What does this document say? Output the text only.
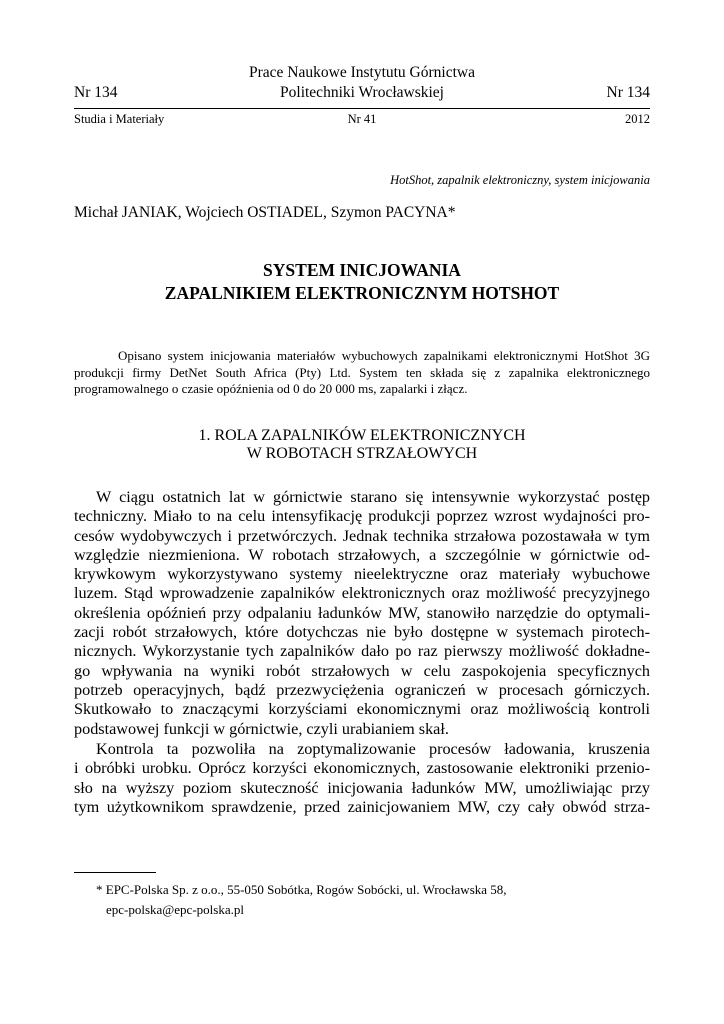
Prace Naukowe Instytutu Górnictwa
Nr 134	Politechniki Wrocławskiej	Nr 134
Studia i Materiały	Nr 41	2012
HotShot, zapalnik elektroniczny, system inicjowania
Michał JANIAK, Wojciech OSTIADEL, Szymon PACYNA*
SYSTEM INICJOWANIA
ZAPALNIKIEM ELEKTRONICZNYM HOTSHOT
Opisano system inicjowania materiałów wybuchowych zapalnikami elektronicznymi HotShot 3G
produkcji firmy DetNet South Africa (Pty) Ltd. System ten składa się z zapalnika elektronicznego
programowalnego o czasie opóźnienia od 0 do 20 000 ms, zapalarki i złącz.
1. ROLA ZAPALNIKÓW ELEKTRONICZNYCH
W ROBOTACH STRZAŁOWYCH
W ciągu ostatnich lat w górnictwie starano się intensywnie wykorzystać postęp
techniczny. Miało to na celu intensyfikację produkcji poprzez wzrost wydajności pro-
cesów wydobywczych i przetwórczych. Jednak technika strzałowa pozostawała w tym
względzie niezmieniona. W robotach strzałowych, a szczególnie w górnictwie od-
krywkowym wykorzystywano systemy nieelektryczne oraz materiały wybuchowe
luzem. Stąd wprowadzenie zapalników elektronicznych oraz możliwość precyzyjnego
określenia opóźnień przy odpalaniu ładunków MW, stanowiło narzędzie do optymali-
zacji robót strzałowych, które dotychczas nie było dostępne w systemach pirotech-
nicznych. Wykorzystanie tych zapalników dało po raz pierwszy możliwość dokładne-
go wpływania na wyniki robót strzałowych w celu zaspokojenia specyficznych
potrzeb operacyjnych, bądź przezwyciężenia ograniczeń w procesach górniczych.
Skutkowało to znaczącymi korzyściami ekonomicznymi oraz możliwością kontroli
podstawowej funkcji w górnictwie, czyli urabianiem skał.
Kontrola ta pozwoliła na zoptymalizowanie procesów ładowania, kruszenia
i obróbki urobku. Oprócz korzyści ekonomicznych, zastosowanie elektroniki przenio-
sło na wyższy poziom skuteczność inicjowania ładunków MW, umożliwiając przy
tym użytkownikom sprawdzenie, przed zainicjowaniem MW, czy cały obwód strza-
* EPC-Polska Sp. z o.o., 55-050 Sobótka, Rogów Sobócki, ul. Wrocławska 58,
epc-polska@epc-polska.pl
